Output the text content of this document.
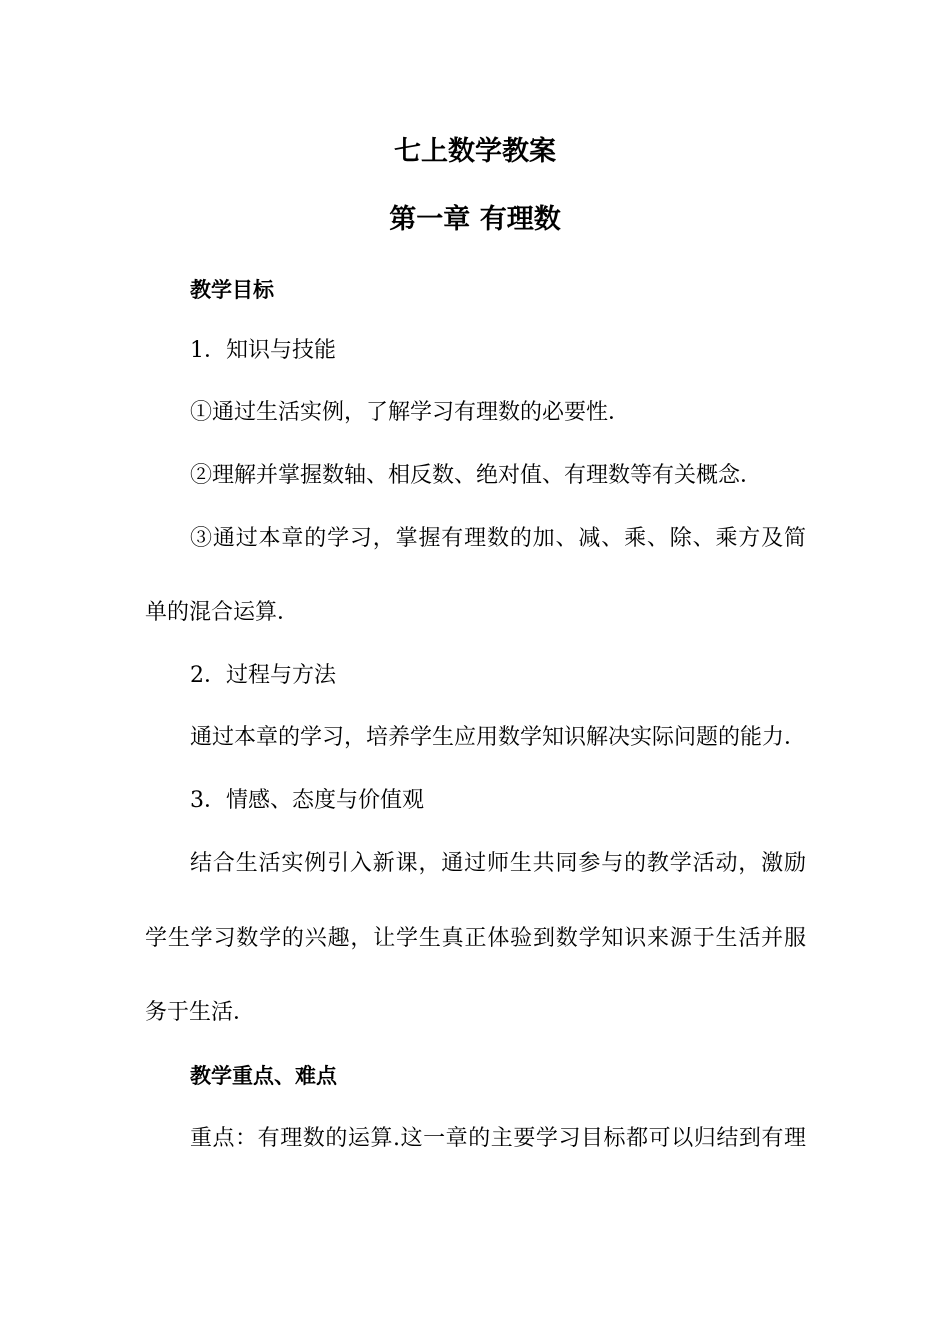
七上数学教案
第一章 有理数
教学目标

1．知识与技能

①通过生活实例，了解学习有理数的必要性．

②理解并掌握数轴、相反数、绝对值、有理数等有关概念．

③通过本章的学习，掌握有理数的加、减、乘、除、乘方及简

单的混合运算．

2．过程与方法

通过本章的学习，培养学生应用数学知识解决实际问题的能力．

3．情感、态度与价值观

结合生活实例引入新课，通过师生共同参与的教学活动，激励

学生学习数学的兴趣，让学生真正体验到数学知识来源于生活并服

务于生活．

教学重点、难点

重点：有理数的运算.这一章的主要学习目标都可以归结到有理
